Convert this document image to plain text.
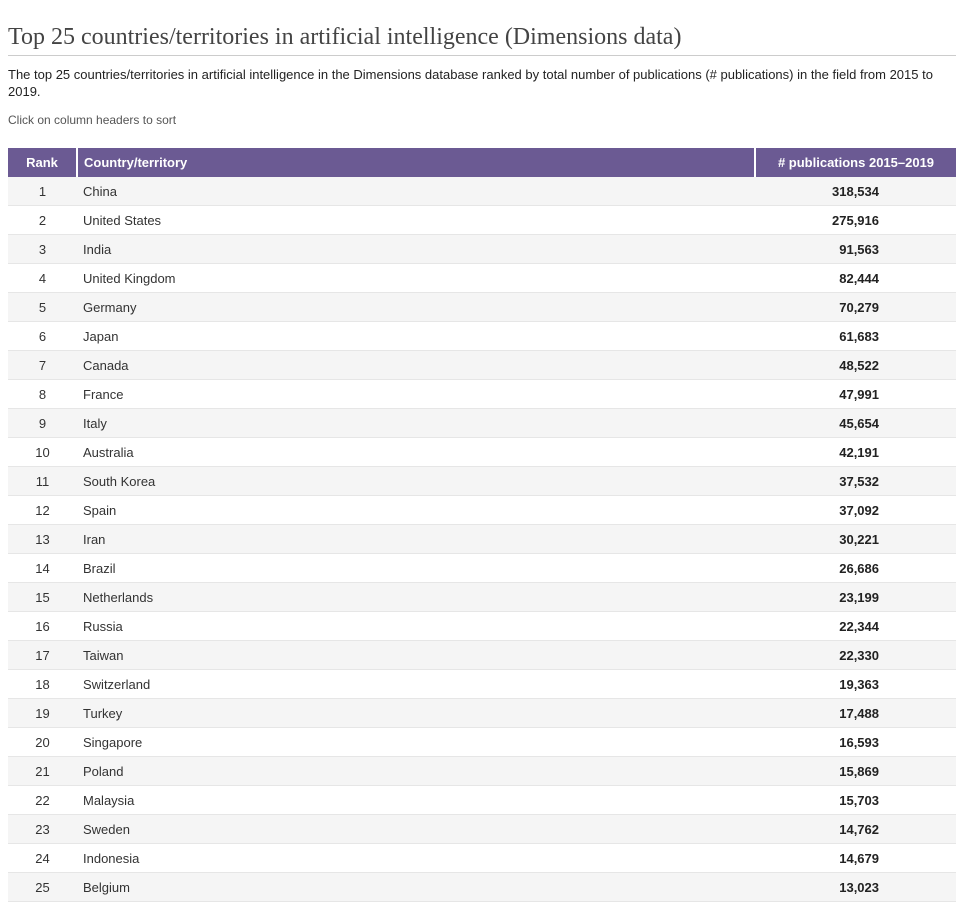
Top 25 countries/territories in artificial intelligence (Dimensions data)

The top 25 countries/territories in artificial intelligence in the Dimensions database ranked by total number of publications (# publications) in the field from 2015 to 2019.

Click on column headers to sort

Rank	Country/territory	# publications 2015–2019
1	China	318,534
2	United States	275,916
3	India	91,563
4	United Kingdom	82,444
5	Germany	70,279
6	Japan	61,683
7	Canada	48,522
8	France	47,991
9	Italy	45,654
10	Australia	42,191
11	South Korea	37,532
12	Spain	37,092
13	Iran	30,221
14	Brazil	26,686
15	Netherlands	23,199
16	Russia	22,344
17	Taiwan	22,330
18	Switzerland	19,363
19	Turkey	17,488
20	Singapore	16,593
21	Poland	15,869
22	Malaysia	15,703
23	Sweden	14,762
24	Indonesia	14,679
25	Belgium	13,023
